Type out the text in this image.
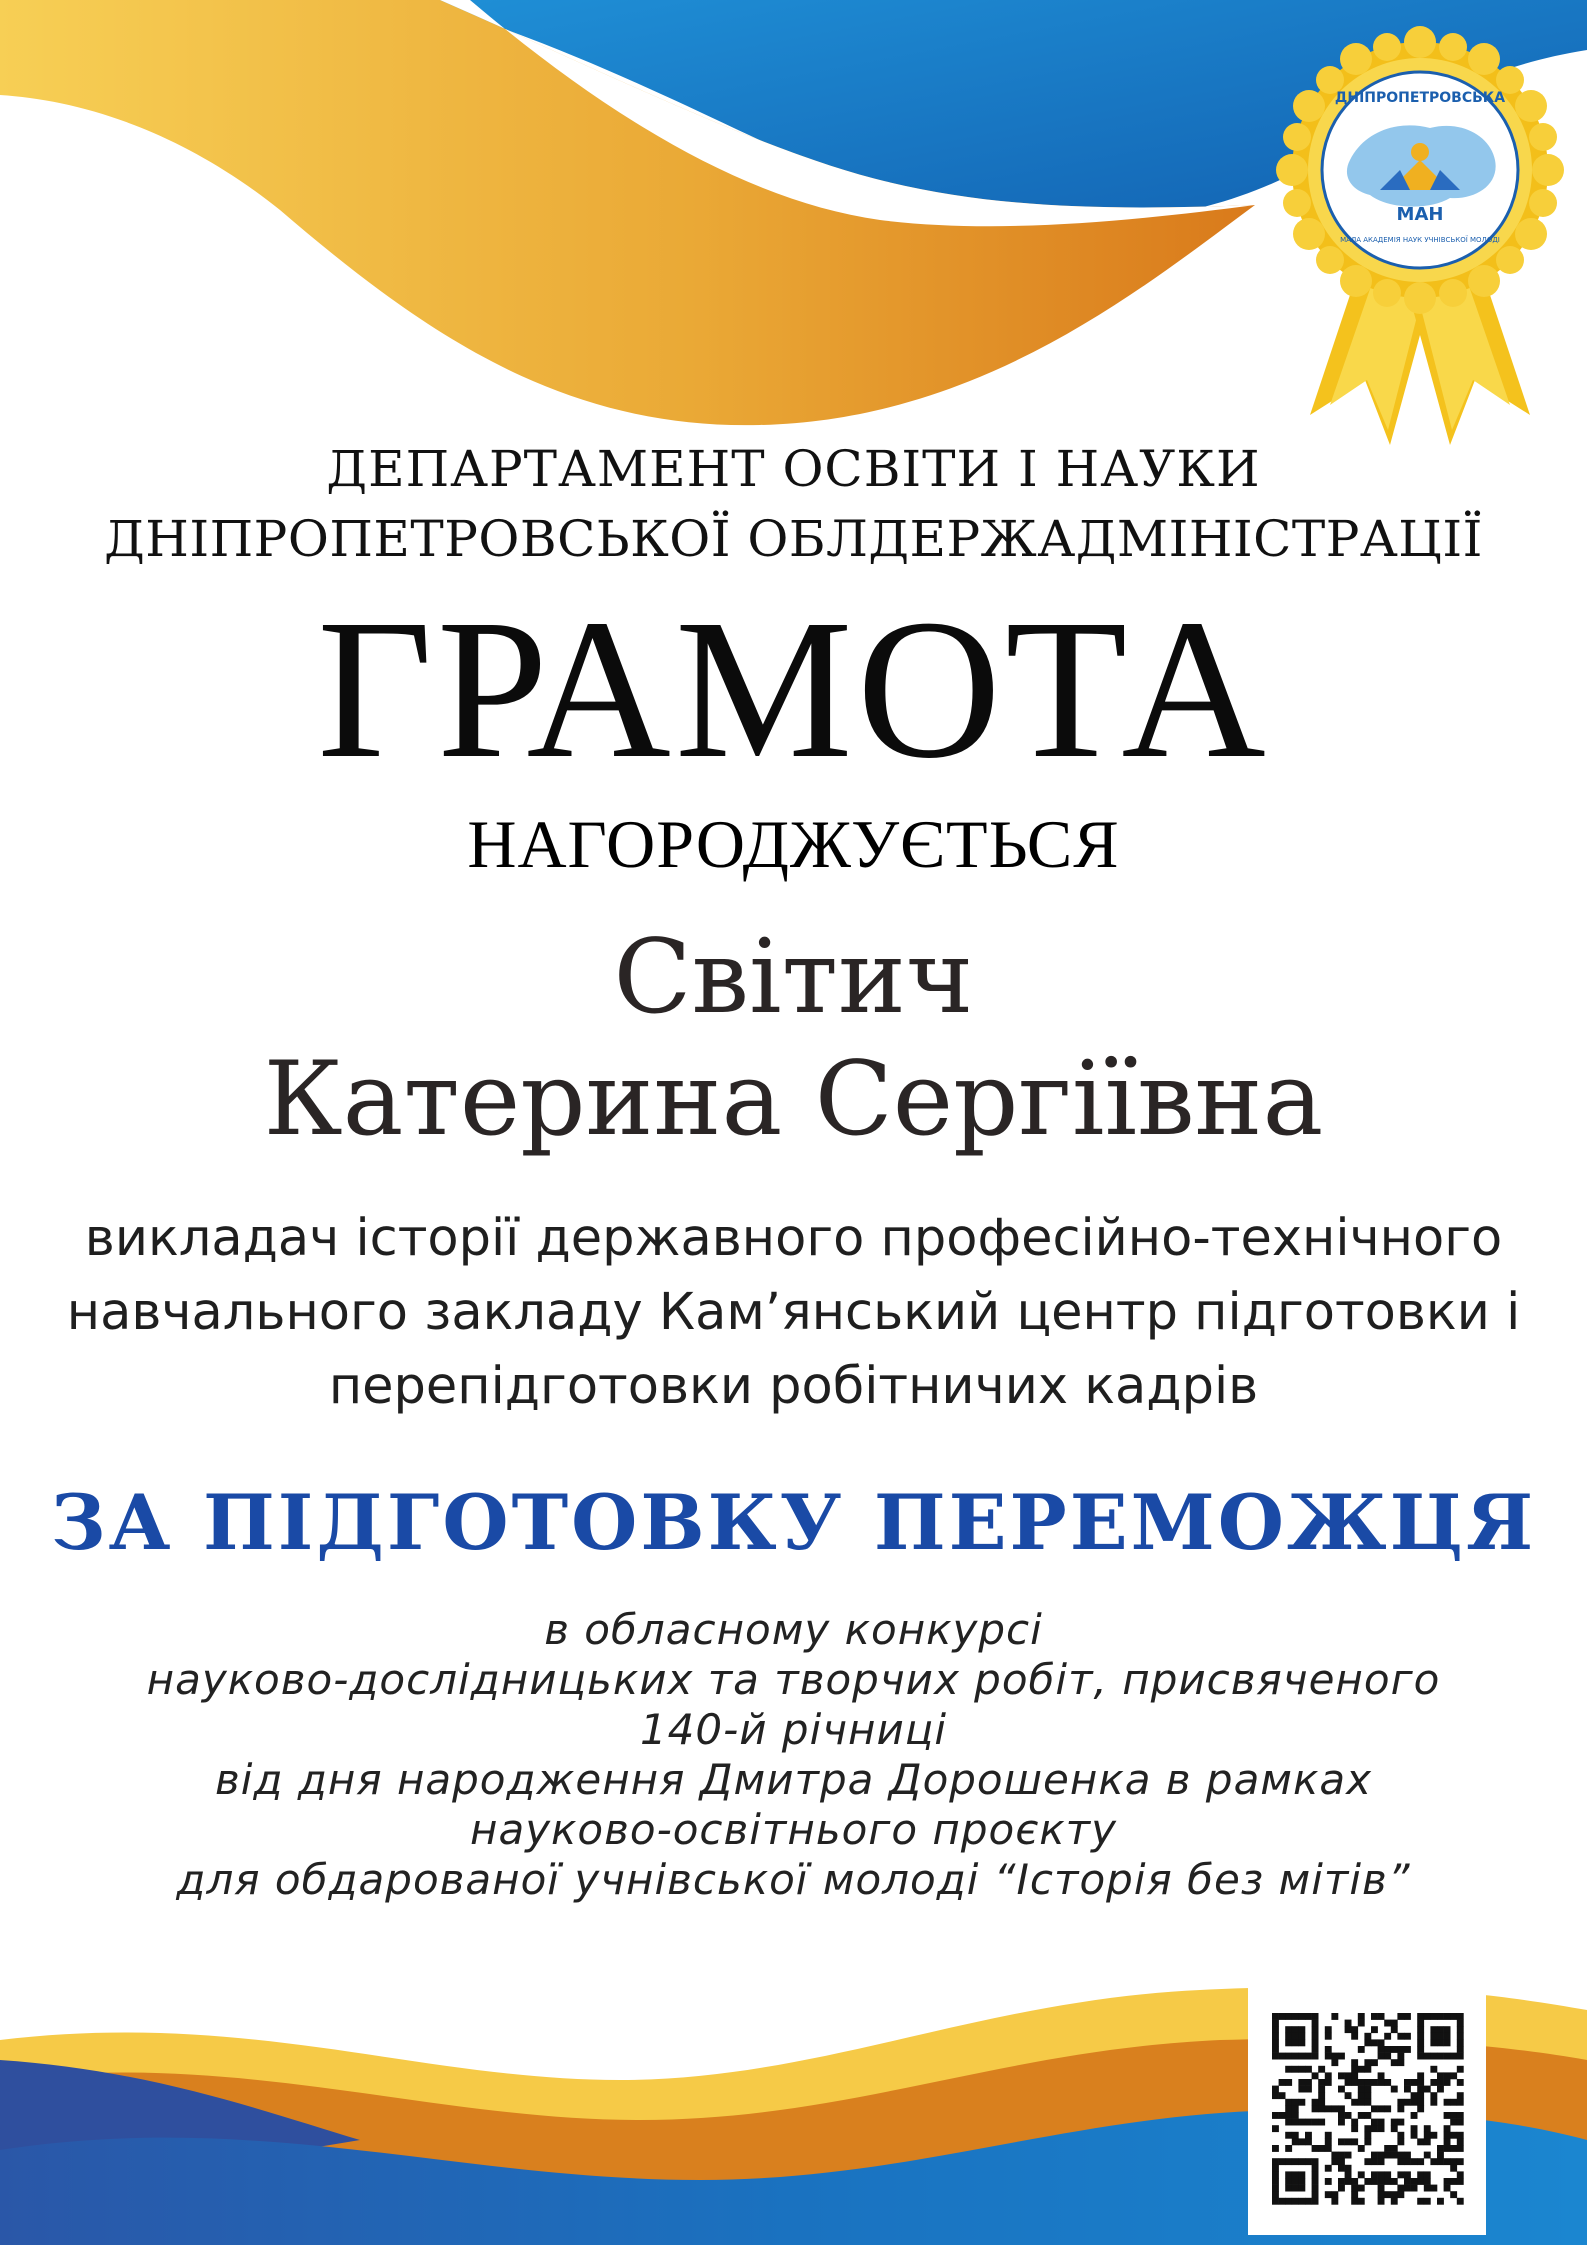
ДНІПРОПЕТРОВСЬКА
МАН
МАЛА АКАДЕМІЯ НАУК УЧНІВСЬКОЇ МОЛОДІ

ДЕПАРТАМЕНТ ОСВІТИ І НАУКИ

ДНІПРОПЕТРОВСЬКОЇ ОБЛДЕРЖАДМІНІСТРАЦІЇ

ГРАМОТА

НАГОРОДЖУЄТЬСЯ

Світич

Катерина Сергіївна

викладач історії державного професійно-технічного
навчального закладу Кам’янський центр підготовки і
перепідготовки робітничих кадрів

ЗА ПІДГОТОВКУ ПЕРЕМОЖЦЯ

в обласному конкурсі
науково-дослідницьких та творчих робіт, присвяченого
140-й річниці
від дня народження Дмитра Дорошенка в рамках
науково-освітнього проєкту
для обдарованої учнівської молоді “Історія без мітів”
